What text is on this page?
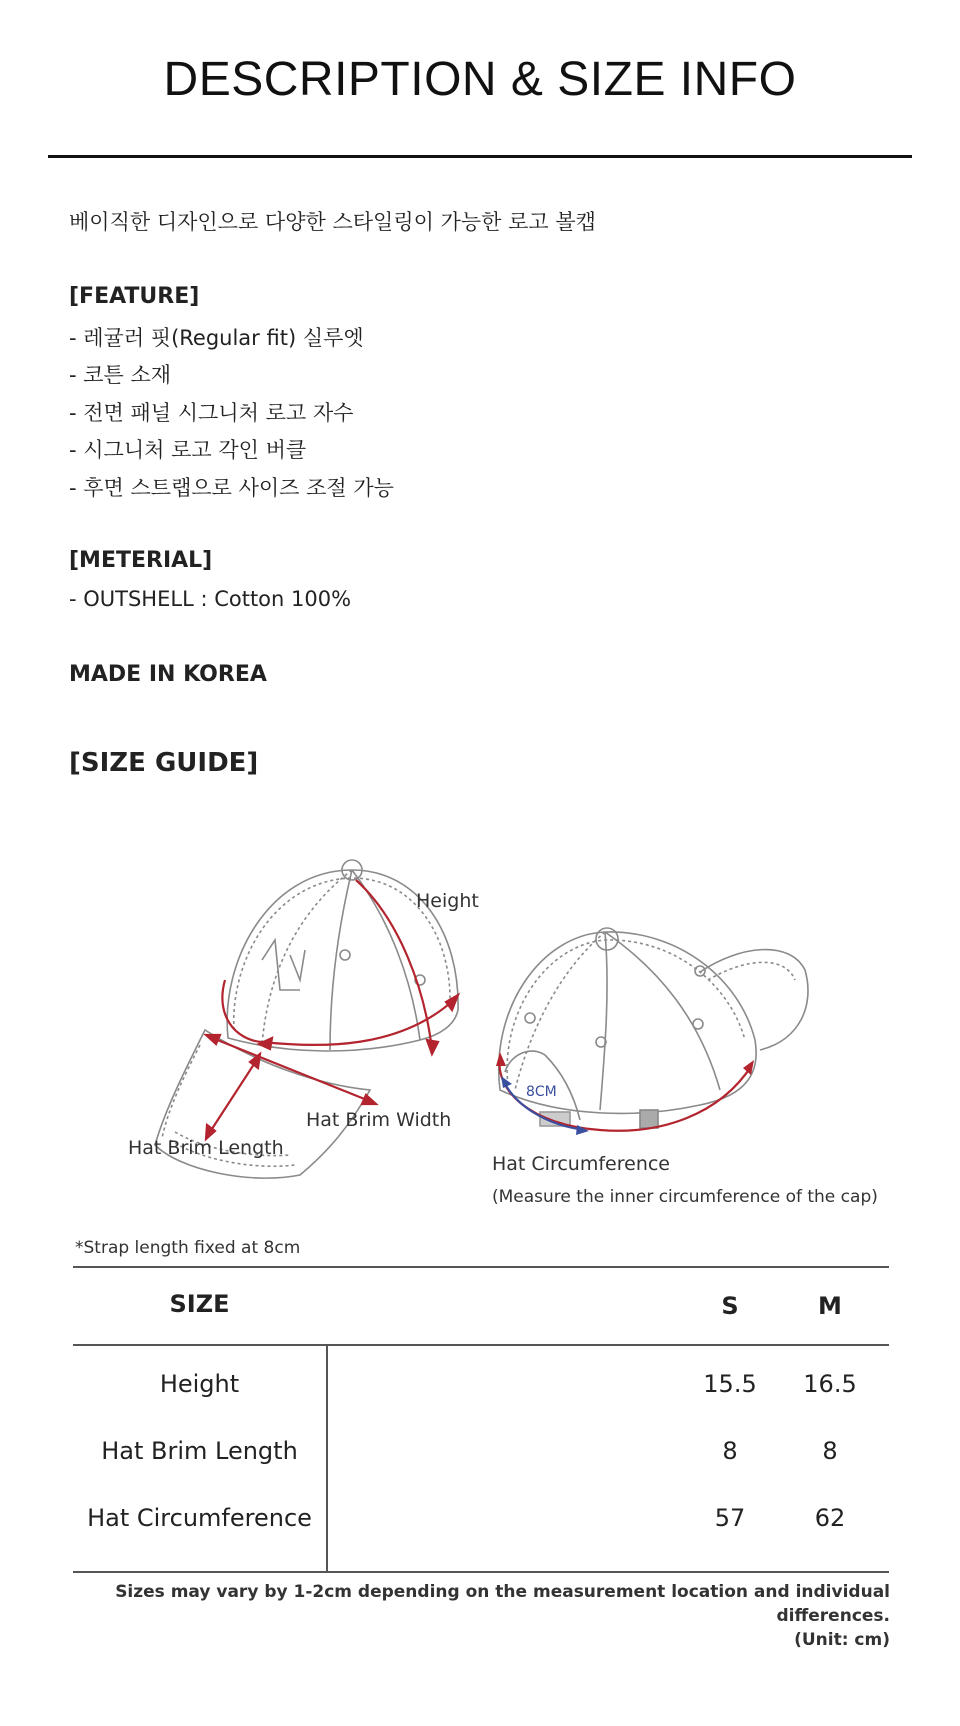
DESCRIPTION & SIZE INFO
베이직한 디자인으로 다양한 스타일링이 가능한 로고 볼캡
[FEATURE]
- 레귤러 핏(Regular fit) 실루엣
- 코튼 소재
- 전면 패널 시그니처 로고 자수
- 시그니처 로고 각인 버클
- 후면 스트랩으로 사이즈 조절 가능
[METERIAL]
- OUTSHELL : Cotton 100%
MADE IN KOREA
[SIZE GUIDE]
Height
Hat Brim Width
Hat Brim Length
8CM
Hat Circumference
(Measure the inner circumference of the cap)
*Strap length fixed at 8cm
SIZE	S	M
Height	15.5	16.5
Hat Brim Length	8	8
Hat Circumference	57	62
Sizes may vary by 1-2cm depending on the measurement location and individual differences.
(Unit: cm)
